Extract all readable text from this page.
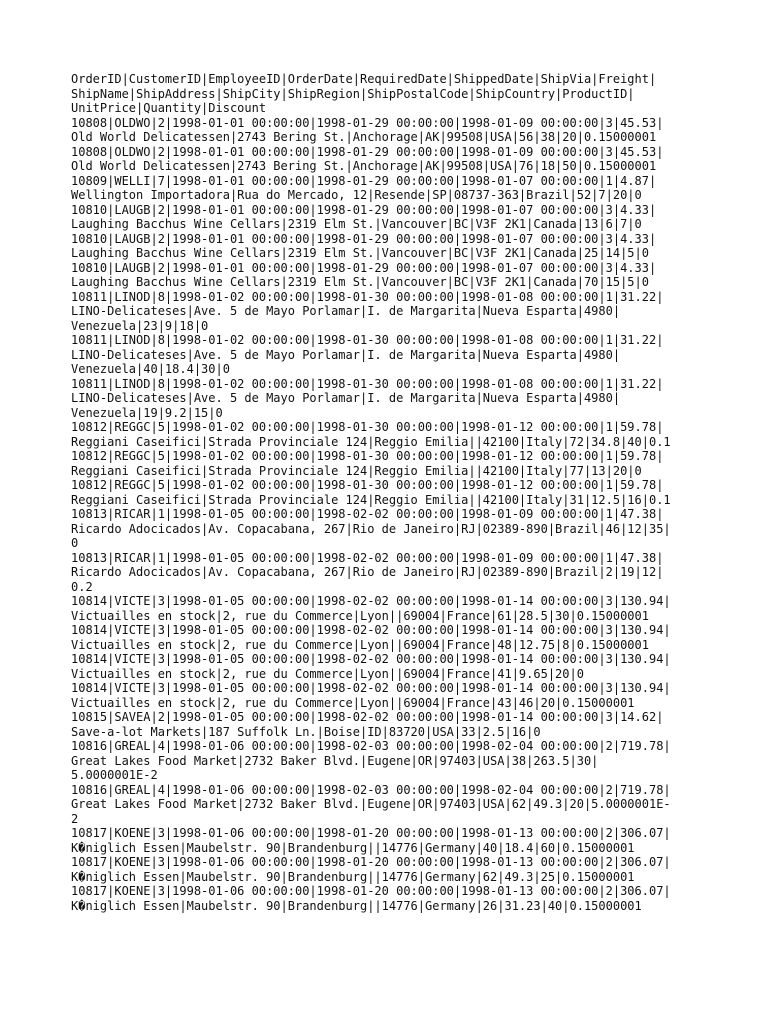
OrderID|CustomerID|EmployeeID|OrderDate|RequiredDate|ShippedDate|ShipVia|Freight|
ShipName|ShipAddress|ShipCity|ShipRegion|ShipPostalCode|ShipCountry|ProductID|
UnitPrice|Quantity|Discount
10808|OLDWO|2|1998-01-01 00:00:00|1998-01-29 00:00:00|1998-01-09 00:00:00|3|45.53|
Old World Delicatessen|2743 Bering St.|Anchorage|AK|99508|USA|56|38|20|0.15000001
10808|OLDWO|2|1998-01-01 00:00:00|1998-01-29 00:00:00|1998-01-09 00:00:00|3|45.53|
Old World Delicatessen|2743 Bering St.|Anchorage|AK|99508|USA|76|18|50|0.15000001
10809|WELLI|7|1998-01-01 00:00:00|1998-01-29 00:00:00|1998-01-07 00:00:00|1|4.87|
Wellington Importadora|Rua do Mercado, 12|Resende|SP|08737-363|Brazil|52|7|20|0
10810|LAUGB|2|1998-01-01 00:00:00|1998-01-29 00:00:00|1998-01-07 00:00:00|3|4.33|
Laughing Bacchus Wine Cellars|2319 Elm St.|Vancouver|BC|V3F 2K1|Canada|13|6|7|0
10810|LAUGB|2|1998-01-01 00:00:00|1998-01-29 00:00:00|1998-01-07 00:00:00|3|4.33|
Laughing Bacchus Wine Cellars|2319 Elm St.|Vancouver|BC|V3F 2K1|Canada|25|14|5|0
10810|LAUGB|2|1998-01-01 00:00:00|1998-01-29 00:00:00|1998-01-07 00:00:00|3|4.33|
Laughing Bacchus Wine Cellars|2319 Elm St.|Vancouver|BC|V3F 2K1|Canada|70|15|5|0
10811|LINOD|8|1998-01-02 00:00:00|1998-01-30 00:00:00|1998-01-08 00:00:00|1|31.22|
LINO-Delicateses|Ave. 5 de Mayo Porlamar|I. de Margarita|Nueva Esparta|4980|
Venezuela|23|9|18|0
10811|LINOD|8|1998-01-02 00:00:00|1998-01-30 00:00:00|1998-01-08 00:00:00|1|31.22|
LINO-Delicateses|Ave. 5 de Mayo Porlamar|I. de Margarita|Nueva Esparta|4980|
Venezuela|40|18.4|30|0
10811|LINOD|8|1998-01-02 00:00:00|1998-01-30 00:00:00|1998-01-08 00:00:00|1|31.22|
LINO-Delicateses|Ave. 5 de Mayo Porlamar|I. de Margarita|Nueva Esparta|4980|
Venezuela|19|9.2|15|0
10812|REGGC|5|1998-01-02 00:00:00|1998-01-30 00:00:00|1998-01-12 00:00:00|1|59.78|
Reggiani Caseifici|Strada Provinciale 124|Reggio Emilia||42100|Italy|72|34.8|40|0.1
10812|REGGC|5|1998-01-02 00:00:00|1998-01-30 00:00:00|1998-01-12 00:00:00|1|59.78|
Reggiani Caseifici|Strada Provinciale 124|Reggio Emilia||42100|Italy|77|13|20|0
10812|REGGC|5|1998-01-02 00:00:00|1998-01-30 00:00:00|1998-01-12 00:00:00|1|59.78|
Reggiani Caseifici|Strada Provinciale 124|Reggio Emilia||42100|Italy|31|12.5|16|0.1
10813|RICAR|1|1998-01-05 00:00:00|1998-02-02 00:00:00|1998-01-09 00:00:00|1|47.38|
Ricardo Adocicados|Av. Copacabana, 267|Rio de Janeiro|RJ|02389-890|Brazil|46|12|35|
0
10813|RICAR|1|1998-01-05 00:00:00|1998-02-02 00:00:00|1998-01-09 00:00:00|1|47.38|
Ricardo Adocicados|Av. Copacabana, 267|Rio de Janeiro|RJ|02389-890|Brazil|2|19|12|
0.2
10814|VICTE|3|1998-01-05 00:00:00|1998-02-02 00:00:00|1998-01-14 00:00:00|3|130.94|
Victuailles en stock|2, rue du Commerce|Lyon||69004|France|61|28.5|30|0.15000001
10814|VICTE|3|1998-01-05 00:00:00|1998-02-02 00:00:00|1998-01-14 00:00:00|3|130.94|
Victuailles en stock|2, rue du Commerce|Lyon||69004|France|48|12.75|8|0.15000001
10814|VICTE|3|1998-01-05 00:00:00|1998-02-02 00:00:00|1998-01-14 00:00:00|3|130.94|
Victuailles en stock|2, rue du Commerce|Lyon||69004|France|41|9.65|20|0
10814|VICTE|3|1998-01-05 00:00:00|1998-02-02 00:00:00|1998-01-14 00:00:00|3|130.94|
Victuailles en stock|2, rue du Commerce|Lyon||69004|France|43|46|20|0.15000001
10815|SAVEA|2|1998-01-05 00:00:00|1998-02-02 00:00:00|1998-01-14 00:00:00|3|14.62|
Save-a-lot Markets|187 Suffolk Ln.|Boise|ID|83720|USA|33|2.5|16|0
10816|GREAL|4|1998-01-06 00:00:00|1998-02-03 00:00:00|1998-02-04 00:00:00|2|719.78|
Great Lakes Food Market|2732 Baker Blvd.|Eugene|OR|97403|USA|38|263.5|30|
5.0000001E-2
10816|GREAL|4|1998-01-06 00:00:00|1998-02-03 00:00:00|1998-02-04 00:00:00|2|719.78|
Great Lakes Food Market|2732 Baker Blvd.|Eugene|OR|97403|USA|62|49.3|20|5.0000001E-
2
10817|KOENE|3|1998-01-06 00:00:00|1998-01-20 00:00:00|1998-01-13 00:00:00|2|306.07|
K�niglich Essen|Maubelstr. 90|Brandenburg||14776|Germany|40|18.4|60|0.15000001
10817|KOENE|3|1998-01-06 00:00:00|1998-01-20 00:00:00|1998-01-13 00:00:00|2|306.07|
K�niglich Essen|Maubelstr. 90|Brandenburg||14776|Germany|62|49.3|25|0.15000001
10817|KOENE|3|1998-01-06 00:00:00|1998-01-20 00:00:00|1998-01-13 00:00:00|2|306.07|
K�niglich Essen|Maubelstr. 90|Brandenburg||14776|Germany|26|31.23|40|0.15000001
